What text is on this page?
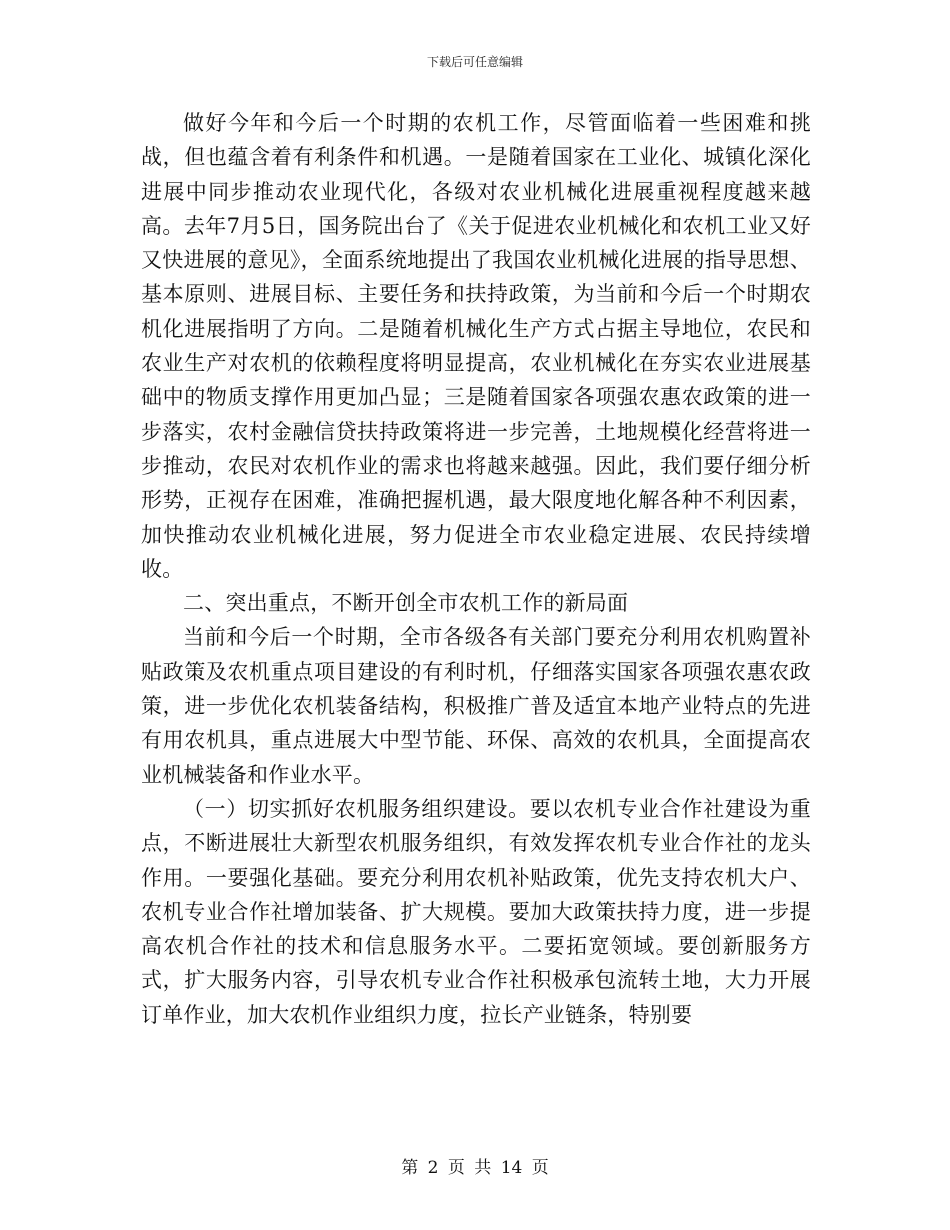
下载后可任意编辑

做好今年和今后一个时期的农机工作，尽管面临着一些困难和挑战，但也蕴含着有利条件和机遇。一是随着国家在工业化、城镇化深化进展中同步推动农业现代化，各级对农业机械化进展重视程度越来越高。去年7月5日，国务院出台了《关于促进农业机械化和农机工业又好又快进展的意见》，全面系统地提出了我国农业机械化进展的指导思想、基本原则、进展目标、主要任务和扶持政策，为当前和今后一个时期农机化进展指明了方向。二是随着机械化生产方式占据主导地位，农民和农业生产对农机的依赖程度将明显提高，农业机械化在夯实农业进展基础中的物质支撑作用更加凸显；三是随着国家各项强农惠农政策的进一步落实，农村金融信贷扶持政策将进一步完善，土地规模化经营将进一步推动，农民对农机作业的需求也将越来越强。因此，我们要仔细分析形势，正视存在困难，准确把握机遇，最大限度地化解各种不利因素，加快推动农业机械化进展，努力促进全市农业稳定进展、农民持续增收。

二、突出重点，不断开创全市农机工作的新局面

当前和今后一个时期，全市各级各有关部门要充分利用农机购置补贴政策及农机重点项目建设的有利时机，仔细落实国家各项强农惠农政策，进一步优化农机装备结构，积极推广普及适宜本地产业特点的先进有用农机具，重点进展大中型节能、环保、高效的农机具，全面提高农业机械装备和作业水平。

（一）切实抓好农机服务组织建设。要以农机专业合作社建设为重点，不断进展壮大新型农机服务组织，有效发挥农机专业合作社的龙头作用。一要强化基础。要充分利用农机补贴政策，优先支持农机大户、农机专业合作社增加装备、扩大规模。要加大政策扶持力度，进一步提高农机合作社的技术和信息服务水平。二要拓宽领域。要创新服务方式，扩大服务内容，引导农机专业合作社积极承包流转土地，大力开展订单作业，加大农机作业组织力度，拉长产业链条，特别要

第 2 页 共 14 页
